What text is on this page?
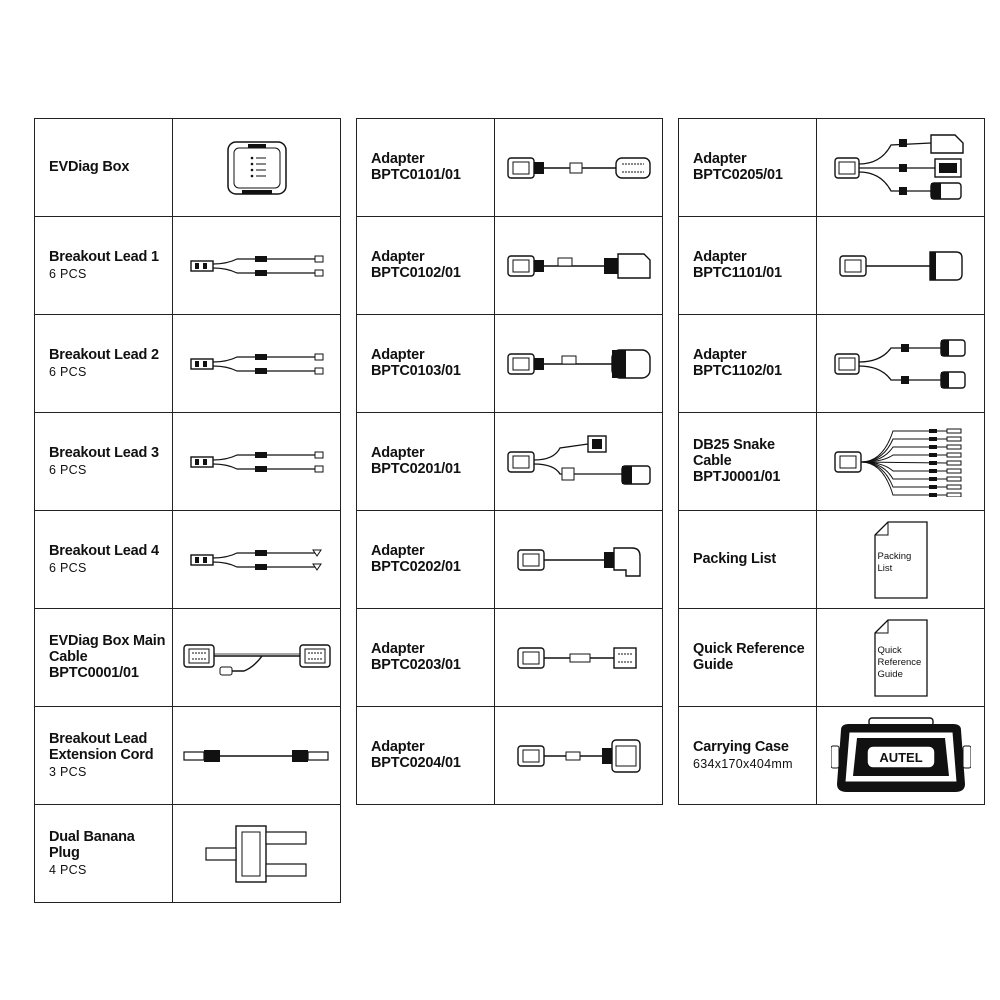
EVDiag Box
Breakout Lead 1
6 PCS
Breakout Lead 2
6 PCS
Breakout Lead 3
6 PCS
Breakout Lead 4
6 PCS
EVDiag Box Main
Cable
BPTC0001/01
Breakout Lead
Extension Cord
3 PCS
Dual Banana Plug
4 PCS
Adapter
BPTC0101/01
Adapter
BPTC0102/01
Adapter
BPTC0103/01
Adapter
BPTC0201/01
Adapter
BPTC0202/01
Adapter
BPTC0203/01
Adapter
BPTC0204/01
Adapter
BPTC0205/01
Adapter
BPTC1101/01
Adapter
BPTC1102/01
DB25 Snake
Cable
BPTJ0001/01
Packing List	Packing
List
Quick Reference
Guide
Quick
Reference
Guide
Carrying Case
634x170x404mm	AUTEL
